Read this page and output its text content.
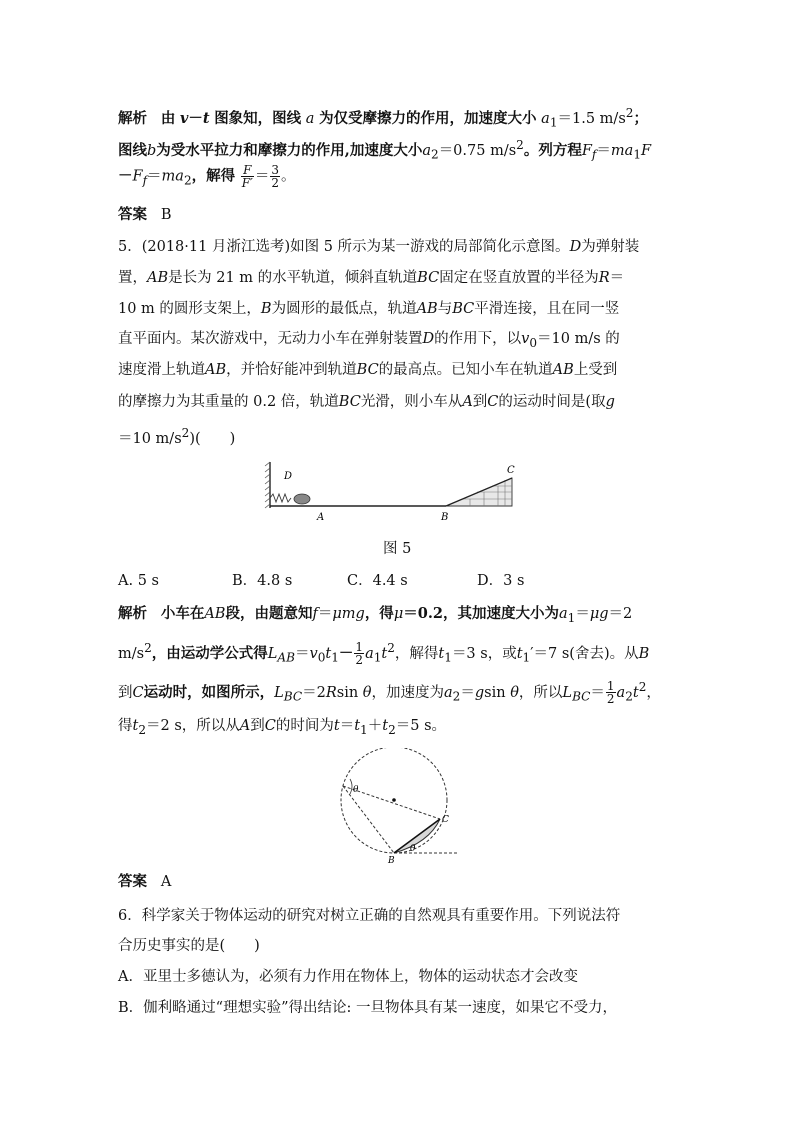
解析 由 v－t 图象知，图线 a 为仅受摩擦力的作用，加速度大小 $a_1=1.5$ $m/s^2$；
图线b为受水平拉力和摩擦力的作用,加速度大小$a_2=0.75$ $m/s^2$。列方程$F_f=ma_1F$
$-F_f=ma_2$，解得 $\frac{F}{F'} = \frac{3}{2}$ 。
答案 B
5．(2018·11 月浙江选考)如图 5 所示为某一游戏的局部简化示意图。D为弹射装
置，AB是长为 21 m 的水平轨道，倾斜直轨道BC固定在竖直放置的半径为R＝
10 m 的圆形支架上，B为圆形的最低点，轨道AB与BC平滑连接，且在同一竖
直平面内。某次游戏中，无动力小车在弹射装置D的作用下，以$v_0=10$ m/s 的
速度滑上轨道AB，并恰好能冲到轨道BC的最高点。已知小车在轨道AB上受到
的摩擦力为其重量的 0.2 倍，轨道BC光滑，则小车从A到C的运动时间是(取g
＝10 $m/s^2$)(　　)
D
A	B
C
图 5
A. 5 s	B．4.8 s	C．4.4 s	D．3 s
解析 小车在AB段，由题意知f＝μmg，得μ＝0.2，其加速度大小为$a_1=\mu g=2$
$m/s^2$，由运动学公式得$L_{AB}=v_0t_1- \frac{1}{2} a_1t^2$，解得$t_1=3$ s，或$t_1'=7$ s(舍去)。从B
到C运动时，如图所示，$L_{BC}=2Rsin$ θ，加速度为$a_2=gsin$ θ，所以$L_{BC}= \frac{1}{2} a_2t^2$，
得$t_2=2$ s，所以从A到C的时间为$t=t_1+t_2=5$ s。
θ
θ
B
C
答案 A
6．科学家关于物体运动的研究对树立正确的自然观具有重要作用。下列说法符
合历史事实的是(　　)
A．亚里士多德认为，必须有力作用在物体上，物体的运动状态才会改变
B．伽利略通过“理想实验”得出结论: 一旦物体具有某一速度，如果它不受力，
